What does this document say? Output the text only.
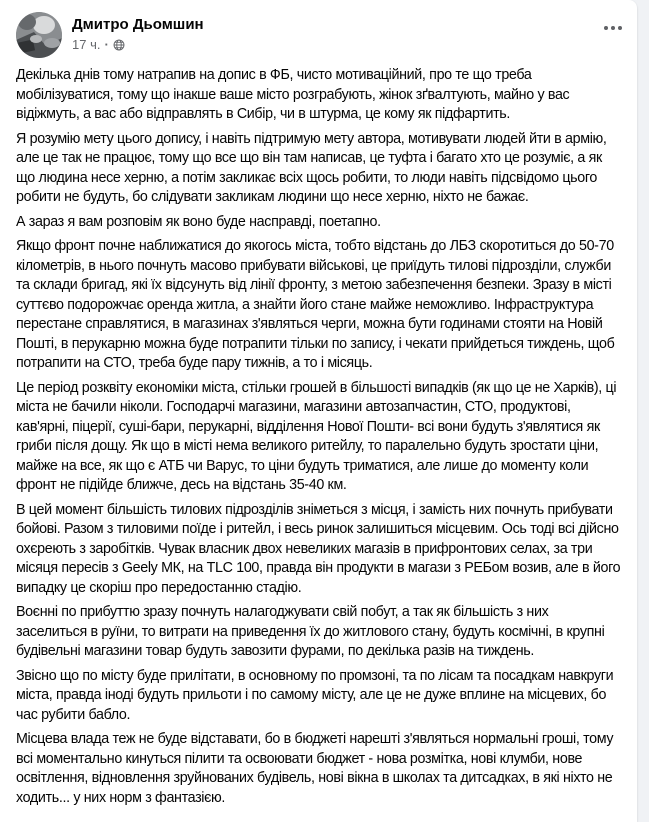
Дмитро Дьомшин
17 ч. ·

Декілька днів тому натрапив на допис в ФБ, чисто мотиваційний, про те що треба мобілізуватися, тому що інакше ваше місто розграбують, жінок зґвалтують, майно у вас відіжмуть, а вас або відправлять в Сибір, чи в штурма, це кому як підфартить.

Я розумію мету цього допису, і навіть підтримую мету автора, мотивувати людей йти в армію, але це так не працює, тому що все що він там написав, це туфта і багато хто це розуміє, а як що людина несе херню, а потім закликає всіх щось робити, то люди навіть підсвідомо цього робити не будуть, бо слідувати закликам людини що несе херню, ніхто не бажає.

А зараз я вам розповім як воно буде насправді, поетапно.

Якщо фронт почне наближатися до якогось міста, тобто відстань до ЛБЗ скоротиться до 50-70 кілометрів, в нього почнуть масово прибувати військові, це приїдуть тилові підрозділи, служби та склади бригад, які їх відсунуть від лінії фронту, з метою забезпечення безпеки. Зразу в місті суттєво подорожчає оренда житла, а знайти його стане майже неможливо. Інфраструктура перестане справлятися, в магазинах з'являться черги, можна бути годинами стояти на Новій Пошті, в перукарню можна буде потрапити тільки по запису, і чекати прийдеться тиждень, щоб потрапити на СТО, треба буде пару тижнів, а то і місяць.

Це період розквіту економіки міста, стільки грошей в більшості випадків (як що це не Харків), ці міста не бачили ніколи. Господарчі магазини, магазини автозапчастин, СТО, продуктові, кав'ярні, піцерії, суші-бари, перукарні, відділення Нової Пошти- всі вони будуть з'являтися як гриби після дощу. Як що в місті нема великого ритейлу, то паралельно будуть зростати ціни, майже на все, як що є АТБ чи Варус, то ціни будуть триматися, але лише до моменту коли фронт не підійде ближче, десь на відстань 35-40 км.

В цей момент більшість тилових підрозділів зніметься з місця, і замість них почнуть прибувати бойові. Разом з тиловими поїде і ритейл, і весь ринок залишиться місцевим. Ось тоді всі дійсно охєреють з заробітків. Чувак власник двох невеликих магазів в прифронтових селах, за три місяця пересів з Geely МК, на TLC 100, правда він продукти в магази з РЕБом возив, але в його випадку це скоріш про передостанню стадію.

Воєнні по прибуттю зразу почнуть налагоджувати свій побут, а так як більшість з них заселиться в руїни, то витрати на приведення їх до житлового стану, будуть космічні, в крупні будівельні магазини товар будуть завозити фурами, по декілька разів на тиждень.

Звісно що по місту буде прилітати, в основному по промзоні, та по лісам та посадкам навкруги міста, правда іноді будуть прильоти і по самому місту, але це не дуже вплине на місцевих, бо час рубити бабло.

Місцева влада теж не буде відставати, бо в бюджеті нарешті з'являться нормальні гроші, тому всі моментально кинуться пілити та освоювати бюджет - нова розмітка, нові клумби, нове освітлення, відновлення зруйнованих будівель, нові вікна в школах та дитсадках, в які ніхто не ходить... у них норм з фантазією.
